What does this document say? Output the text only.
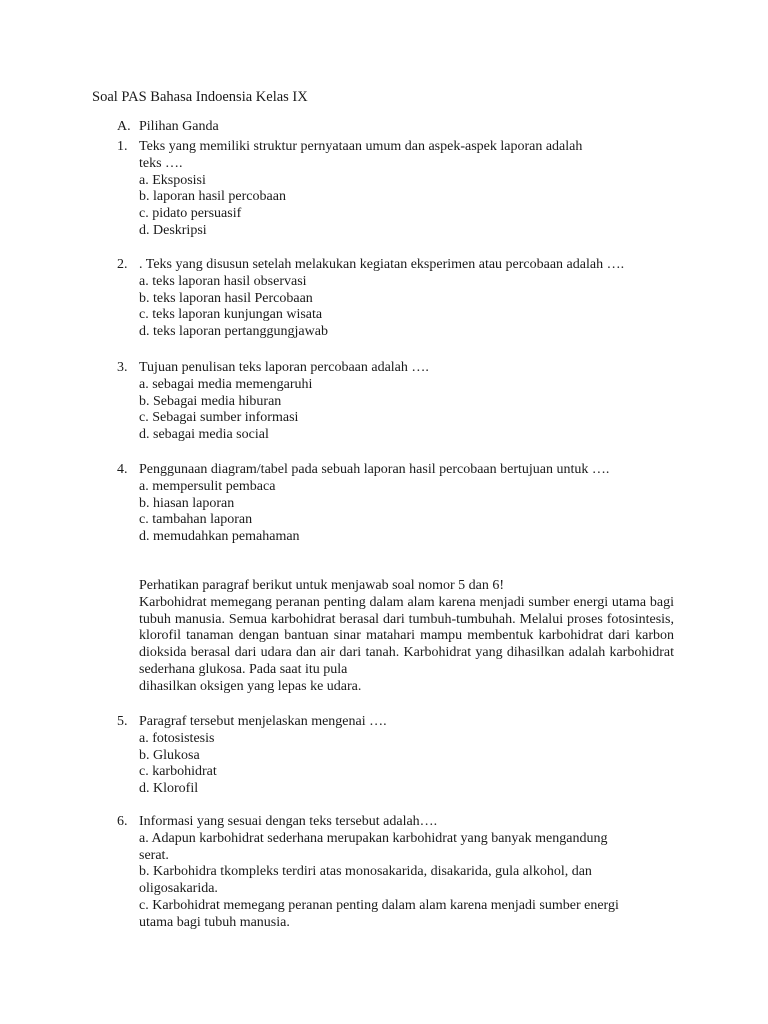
Soal PAS Bahasa Indoensia Kelas IX
A. Pilihan Ganda
1. Teks yang memiliki struktur pernyataan umum dan aspek-aspek laporan adalah
teks ….
a. Eksposisi
b. laporan hasil percobaan
c. pidato persuasif
d. Deskripsi
2. . Teks yang disusun setelah melakukan kegiatan eksperimen atau percobaan adalah ….
a. teks laporan hasil observasi
b. teks laporan hasil Percobaan
c. teks laporan kunjungan wisata
d. teks laporan pertanggungjawab
3. Tujuan penulisan teks laporan percobaan adalah ….
a. sebagai media memengaruhi
b. Sebagai media hiburan
c. Sebagai sumber informasi
d. sebagai media social
4. Penggunaan diagram/tabel pada sebuah laporan hasil percobaan bertujuan untuk ….
a. mempersulit pembaca
b. hiasan laporan
c. tambahan laporan
d. memudahkan pemahaman
Perhatikan paragraf berikut untuk menjawab soal nomor 5 dan 6!
Karbohidrat memegang peranan penting dalam alam karena menjadi sumber energi utama bagi tubuh manusia. Semua karbohidrat berasal dari tumbuh-tumbuhah. Melalui proses fotosintesis, klorofil tanaman dengan bantuan sinar matahari mampu membentuk karbohidrat dari karbon dioksida berasal dari udara dan air dari tanah. Karbohidrat yang dihasilkan adalah karbohidrat sederhana glukosa. Pada saat itu pula
dihasilkan oksigen yang lepas ke udara.
5. Paragraf tersebut menjelaskan mengenai ….
a. fotosistesis
b. Glukosa
c. karbohidrat
d. Klorofil
6. Informasi yang sesuai dengan teks tersebut adalah….
a. Adapun karbohidrat sederhana merupakan karbohidrat yang banyak mengandung
serat.
b. Karbohidra tkompleks terdiri atas monosakarida, disakarida, gula alkohol, dan
oligosakarida.
c. Karbohidrat memegang peranan penting dalam alam karena menjadi sumber energi
utama bagi tubuh manusia.
